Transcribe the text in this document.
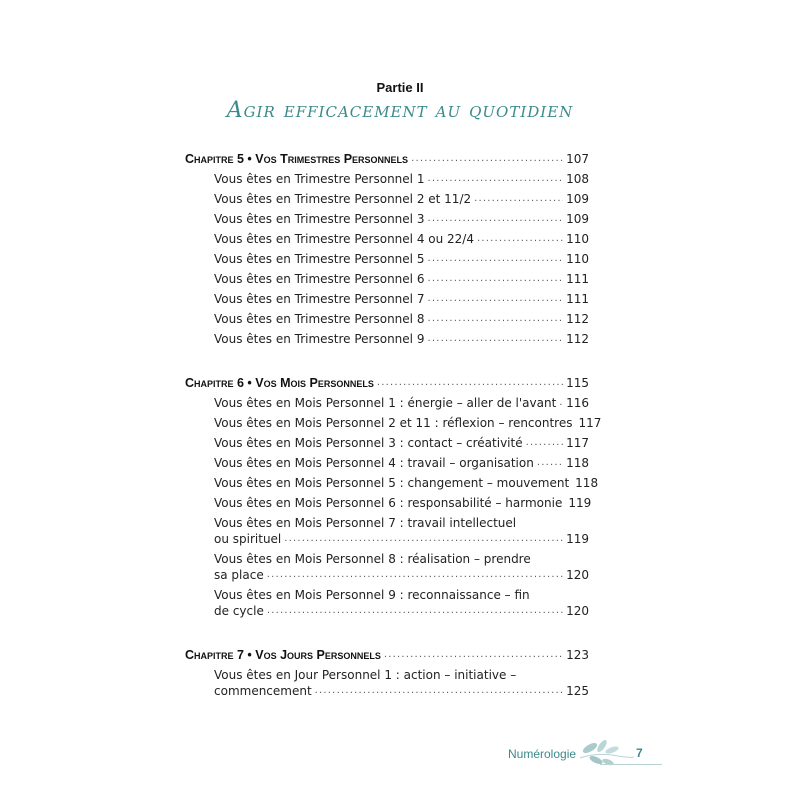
Partie II
Agir efficacement au quotidien
Chapitre 5 • Vos Trimestres Personnels .....	107
Vous êtes en Trimestre Personnel 1 .....	108
Vous êtes en Trimestre Personnel 2 et 11/2 .....	109
Vous êtes en Trimestre Personnel 3 .....	109
Vous êtes en Trimestre Personnel 4 ou 22/4 .....	110
Vous êtes en Trimestre Personnel 5 .....	110
Vous êtes en Trimestre Personnel 6 .....	111
Vous êtes en Trimestre Personnel 7 .....	111
Vous êtes en Trimestre Personnel 8 .....	112
Vous êtes en Trimestre Personnel 9 .....	112
Chapitre 6 • Vos Mois Personnels .....	115
Vous êtes en Mois Personnel 1 : énergie – aller de l'avant ..... 116
Vous êtes en Mois Personnel 2 et 11 : réflexion – rencontres 117
Vous êtes en Mois Personnel 3 : contact – créativité .....	117
Vous êtes en Mois Personnel 4 : travail – organisation .....	118
Vous êtes en Mois Personnel 5 : changement – mouvement 118
Vous êtes en Mois Personnel 6 : responsabilité – harmonie 119
Vous êtes en Mois Personnel 7 : travail intellectuel
ou spirituel .....	119
Vous êtes en Mois Personnel 8 : réalisation – prendre
sa place .....	120
Vous êtes en Mois Personnel 9 : reconnaissance – fin
de cycle .....	120
Chapitre 7 • Vos Jours Personnels .....	123
Vous êtes en Jour Personnel 1 : action – initiative –
commencement .....	125
Numérologie	7
